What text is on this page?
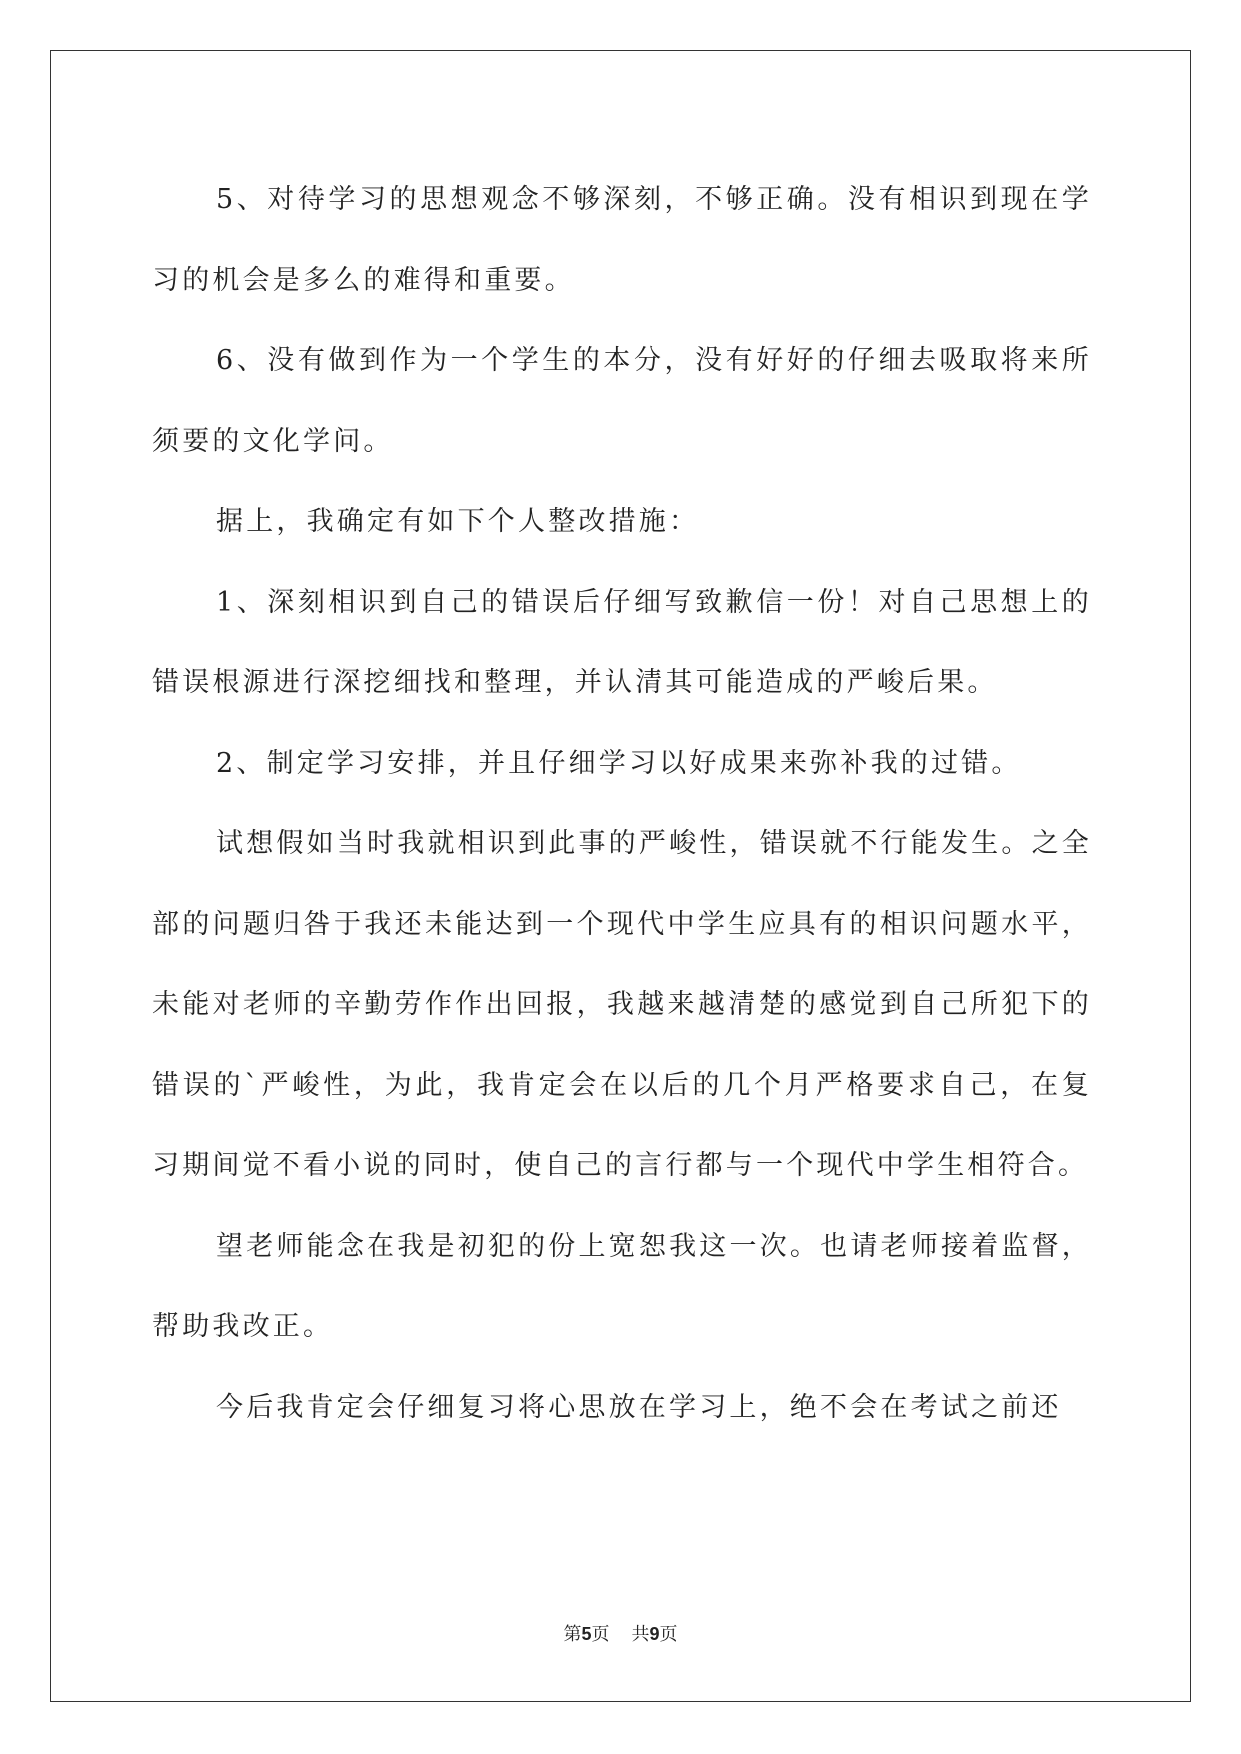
5、对待学习的思想观念不够深刻，不够正确。没有相识到现在学习的机会是多么的难得和重要。

6、没有做到作为一个学生的本分，没有好好的仔细去吸取将来所须要的文化学问。

据上，我确定有如下个人整改措施：

1、深刻相识到自己的错误后仔细写致歉信一份！对自己思想上的错误根源进行深挖细找和整理，并认清其可能造成的严峻后果。

2、制定学习安排，并且仔细学习以好成果来弥补我的过错。

试想假如当时我就相识到此事的严峻性，错误就不行能发生。之全部的问题归咎于我还未能达到一个现代中学生应具有的相识问题水平，未能对老师的辛勤劳作作出回报，我越来越清楚的感觉到自己所犯下的错误的`严峻性，为此，我肯定会在以后的几个月严格要求自己，在复习期间觉不看小说的同时，使自己的言行都与一个现代中学生相符合。

望老师能念在我是初犯的份上宽恕我这一次。也请老师接着监督，帮助我改正。

今后我肯定会仔细复习将心思放在学习上，绝不会在考试之前还

第5页 共9页
